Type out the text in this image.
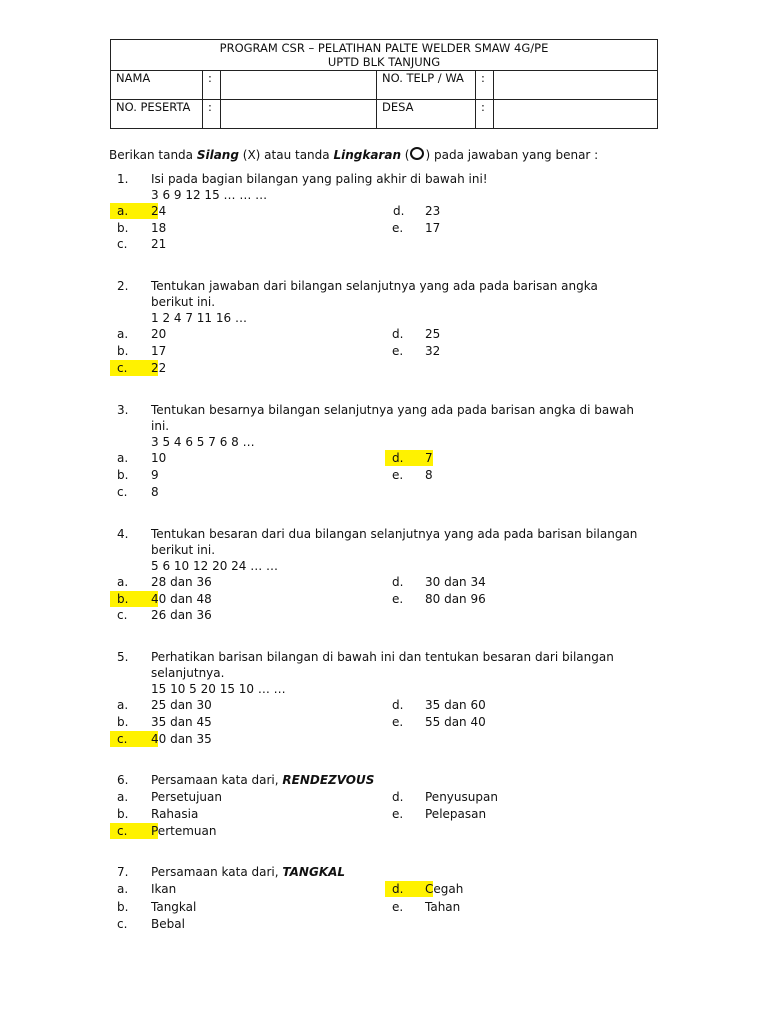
PROGRAM CSR – PELATIHAN PALTE WELDER SMAW 4G/PE
UPTD BLK TANJUNG					

NAMA	:		NO. TELP / WA	:	
NO. PESERTA	:		DESA	:	
Berikan tanda Silang (X) atau tanda Lingkaran ( ) pada jawaban yang benar :
1. Isi pada bagian bilangan yang paling akhir di bawah ini!
3 6 9 12 15 … … …
a.	24	d. 23
b. 18	e. 17
c. 21
2. Tentukan jawaban dari bilangan selanjutnya yang ada pada barisan angka
berikut ini.
1 2 4 7 11 16 …
a. 20	d. 25
b. 17	e. 32
c.	22
3. Tentukan besarnya bilangan selanjutnya yang ada pada barisan angka di bawah
ini.
3 5 4 6 5 7 6 8 …
a. 10	d.	7
b. 9	e. 8
c. 8
4. Tentukan besaran dari dua bilangan selanjutnya yang ada pada barisan bilangan
berikut ini.
5 6 10 12 20 24 … …
a. 28 dan 36	d. 30 dan 34
b.	40 dan 48	e. 80 dan 96
c. 26 dan 36
5. Perhatikan barisan bilangan di bawah ini dan tentukan besaran dari bilangan
selanjutnya.
15 10 5 20 15 10 … …
a. 25 dan 30	d. 35 dan 60
b. 35 dan 45	e. 55 dan 40
c.	40 dan 35
6. Persamaan kata dari, RENDEZVOUS
a. Persetujuan	d. Penyusupan
b. Rahasia	e. Pelepasan
c.	Pertemuan
7. Persamaan kata dari, TANGKAL
a. Ikan	d.	Cegah
b. Tangkal	e. Tahan
c. Bebal
